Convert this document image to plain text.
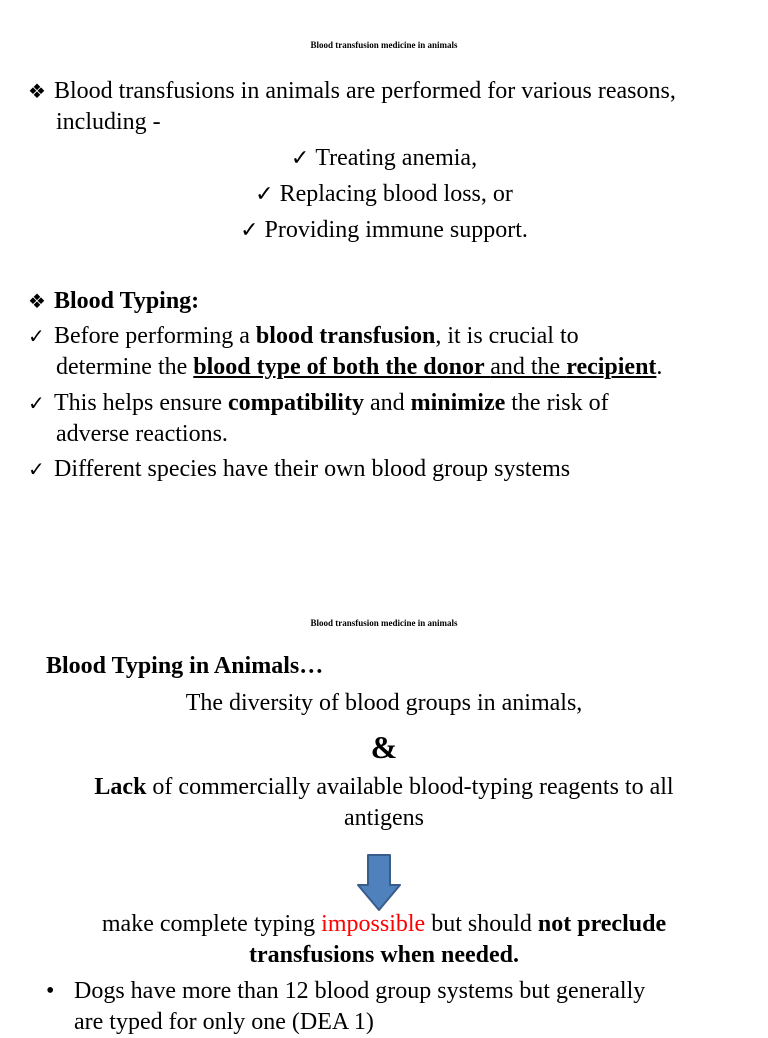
Blood transfusion medicine in animals
❖ Blood transfusions in animals are performed for various reasons,
including -
✓ Treating anemia,
✓ Replacing blood loss, or
✓ Providing immune support.
❖ Blood Typing:
✓ Before performing a blood transfusion, it is crucial to
determine the blood type of both the donor and the recipient.
✓ This helps ensure compatibility and minimize the risk of
adverse reactions.
✓ Different species have their own blood group systems
Blood transfusion medicine in animals
Blood Typing in Animals…
The diversity of blood groups in animals,
&
Lack of commercially available blood-typing reagents to all
antigens
make complete typing impossible but should not preclude
transfusions when needed.
• Dogs have more than 12 blood group systems but generally
are typed for only one (DEA 1)
